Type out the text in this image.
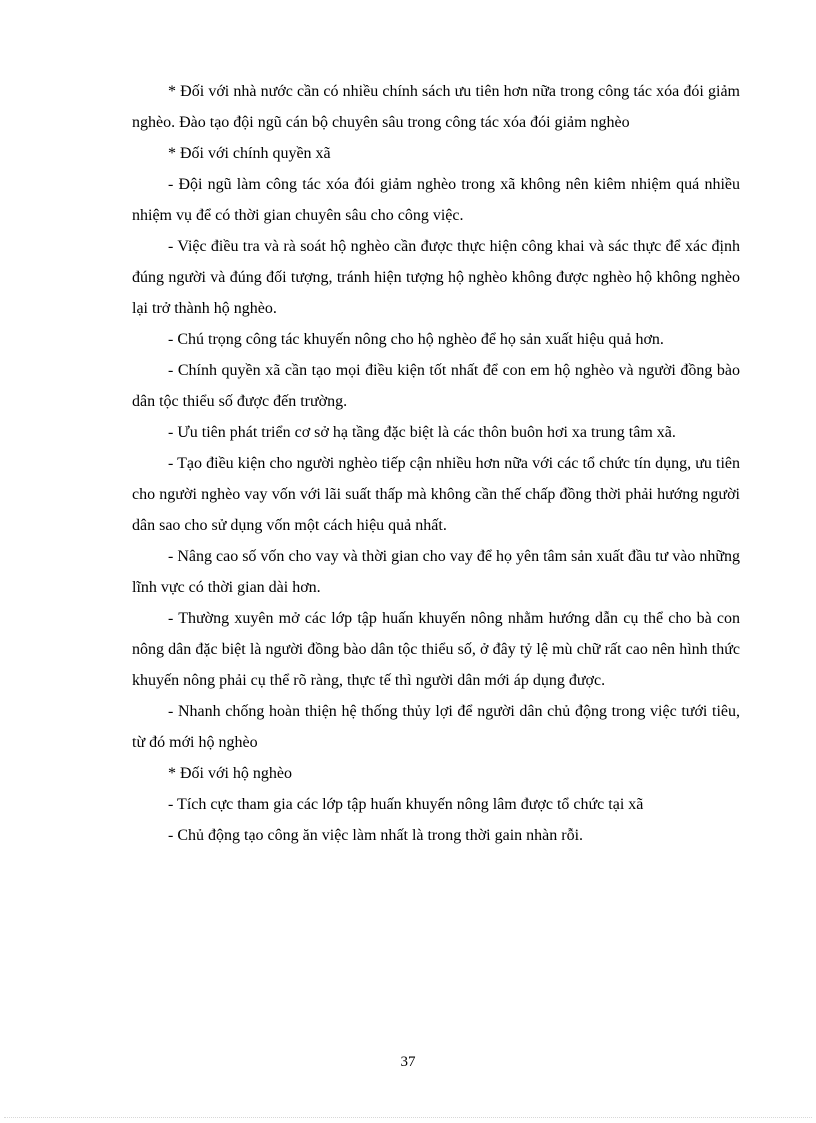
* Đối với nhà nước cần có nhiều chính sách ưu tiên hơn nữa trong công tác xóa đói giảm nghèo. Đào tạo đội ngũ cán bộ chuyên sâu trong công tác xóa đói giảm nghèo

* Đối với chính quyền xã

- Đội ngũ làm công tác xóa đói giảm nghèo trong xã không nên kiêm nhiệm quá nhiều nhiệm vụ để có thời gian chuyên sâu cho công việc.

- Việc điều tra và rà soát hộ nghèo cần được thực hiện công khai và sác thực để xác định đúng người và đúng đối tượng, tránh hiện tượng hộ nghèo không được nghèo hộ không nghèo lại trở thành hộ nghèo.

- Chú trọng công tác khuyến nông cho hộ nghèo để họ sản xuất hiệu quả hơn.

- Chính quyền xã cần tạo mọi điều kiện tốt nhất để con em hộ nghèo và người đồng bào dân tộc thiểu số được đến trường.

- Ưu tiên phát triển cơ sở hạ tầng đặc biệt là các thôn buôn hơi xa trung tâm xã.

- Tạo điều kiện cho người nghèo tiếp cận nhiều hơn nữa với các tổ chức tín dụng, ưu tiên cho người nghèo vay vốn với lãi suất thấp mà không cần thế chấp đồng thời phải hướng người dân sao cho sử dụng vốn một cách hiệu quả nhất.

- Nâng cao số vốn cho vay và thời gian cho vay để họ yên tâm sản xuất đầu tư vào những lĩnh vực có thời gian dài hơn.

- Thường xuyên mở các lớp tập huấn khuyến nông nhằm hướng dẫn cụ thể cho bà con nông dân đặc biệt là người đồng bào dân tộc thiểu số, ở đây tỷ lệ mù chữ rất cao nên hình thức khuyến nông phải cụ thể rõ ràng, thực tế thì người dân mới áp dụng được.

- Nhanh chống hoàn thiện hệ thống thủy lợi để người dân chủ động trong việc tưới tiêu, từ đó mới hộ nghèo

* Đối với hộ nghèo

- Tích cực tham gia các lớp tập huấn khuyến nông lâm được tổ chức tại xã

- Chủ động tạo công ăn việc làm nhất là trong thời gain nhàn rỗi.

37
